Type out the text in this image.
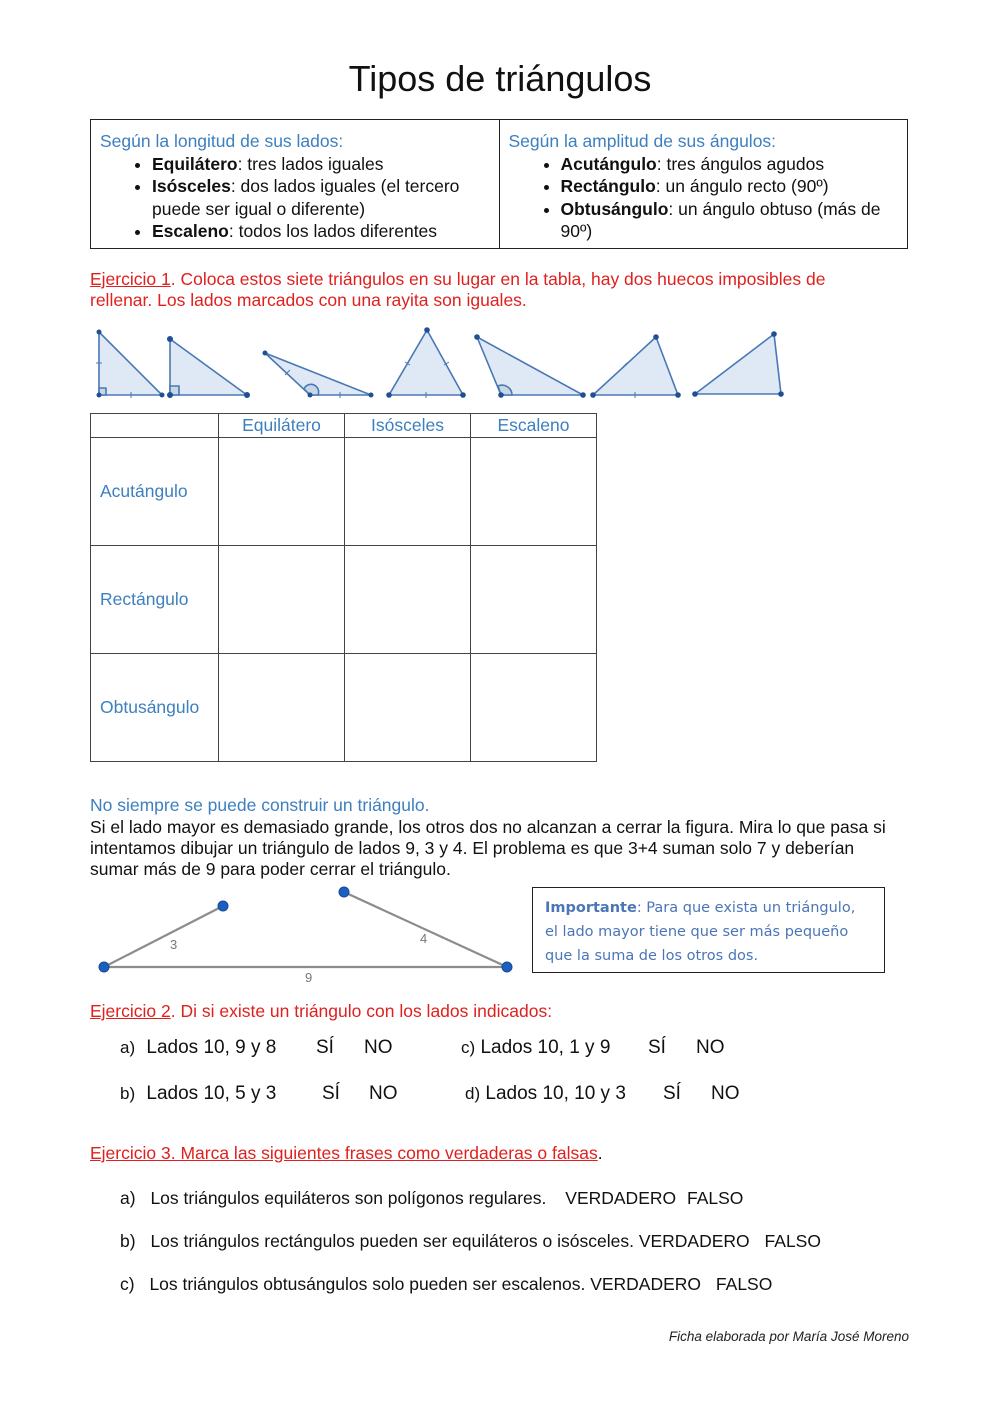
Tipos de triángulos
Según la longitud de sus lados:
• Equilátero: tres lados iguales
• Isósceles: dos lados iguales (el tercero puede ser igual o diferente)
• Escaleno: todos los lados diferentes
Según la amplitud de sus ángulos:
• Acutángulo: tres ángulos agudos
• Rectángulo: un ángulo recto (90º)
• Obtusángulo: un ángulo obtuso (más de 90º)
Ejercicio 1. Coloca estos siete triángulos en su lugar en la tabla, hay dos huecos imposibles de rellenar. Los lados marcados con una rayita son iguales.
	Equilátero	Isósceles	Escaleno
Acutángulo			
Rectángulo			
Obtusángulo			
No siempre se puede construir un triángulo.
Si el lado mayor es demasiado grande, los otros dos no alcanzan a cerrar la figura. Mira lo que pasa si intentamos dibujar un triángulo de lados 9, 3 y 4. El problema es que 3+4 suman solo 7 y deberían sumar más de 9 para poder cerrar el triángulo.
3	4
9
Importante: Para que exista un triángulo, el lado mayor tiene que ser más pequeño que la suma de los otros dos.
Ejercicio 2. Di si existe un triángulo con los lados indicados:
a) Lados 10, 9 y 8 SÍ NO
b) Lados 10, 5 y 3 SÍ NO
c) Lados 10, 1 y 9 SÍ NO
d) Lados 10, 10 y 3 SÍ NO
Ejercicio 3. Marca las siguientes frases como verdaderas o falsas.
a) Los triángulos equiláteros son polígonos regulares. VERDADERO FALSO
b) Los triángulos rectángulos pueden ser equiláteros o isósceles. VERDADERO FALSO
c) Los triángulos obtusángulos solo pueden ser escalenos. VERDADERO FALSO
Ficha elaborada por María José Moreno
